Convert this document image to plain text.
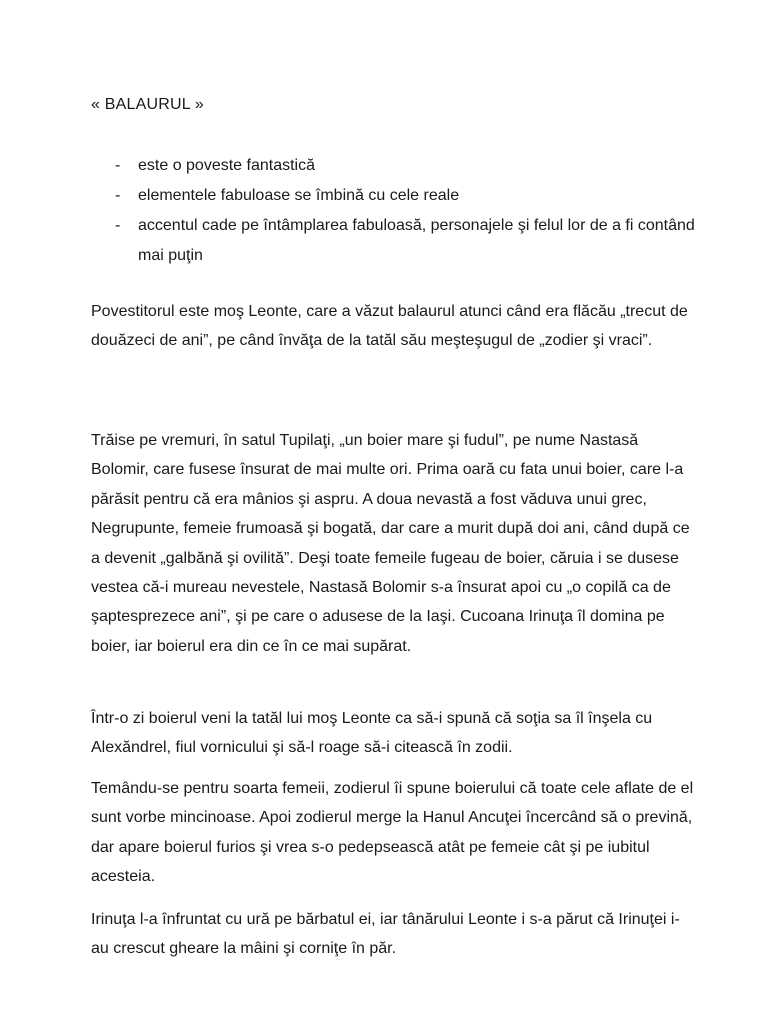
« BALAURUL »
- este o poveste fantastică
- elementele fabuloase se îmbină cu cele reale
- accentul cade pe întâmplarea fabuloasă, personajele şi felul lor de a fi contând mai puţin

Povestitorul este moş Leonte, care a văzut balaurul atunci când era flăcău „trecut de douăzeci de ani”, pe când învăţa de la tatăl său meşteşugul de „zodier şi vraci”.

Trăise pe vremuri, în satul Tupilaţi, „un boier mare şi fudul”, pe nume Nastasă Bolomir, care fusese însurat de mai multe ori. Prima oară cu fata unui boier, care l-a părăsit pentru că era mânios şi aspru. A doua nevastă a fost văduva unui grec, Negrupunte, femeie frumoasă şi bogată, dar care a murit după doi ani, când după ce a devenit „galbănă şi ovilită”. Deşi toate femeile fugeau de boier, căruia i se dusese vestea că-i mureau nevestele, Nastasă Bolomir s-a însurat apoi cu „o copilă ca de şaptesprezece ani”, şi pe care o adusese de la Iaşi. Cucoana Irinuţa îl domina pe boier, iar boierul era din ce în ce mai supărat.

Într-o zi boierul veni la tatăl lui moş Leonte ca să-i spună că soţia sa îl înşela cu Alexăndrel, fiul vornicului şi să-l roage să-i citească în zodii.

Temându-se pentru soarta femeii, zodierul îi spune boierului că toate cele aflate de el sunt vorbe mincinoase. Apoi zodierul merge la Hanul Ancuţei încercând să o prevină, dar apare boierul furios şi vrea s-o pedepsească atât pe femeie cât şi pe iubitul acesteia.

Irinuţa l-a înfruntat cu ură pe bărbatul ei, iar tânărului Leonte i s-a părut că Irinuţei i-au crescut gheare la mâini şi corniţe în păr.
